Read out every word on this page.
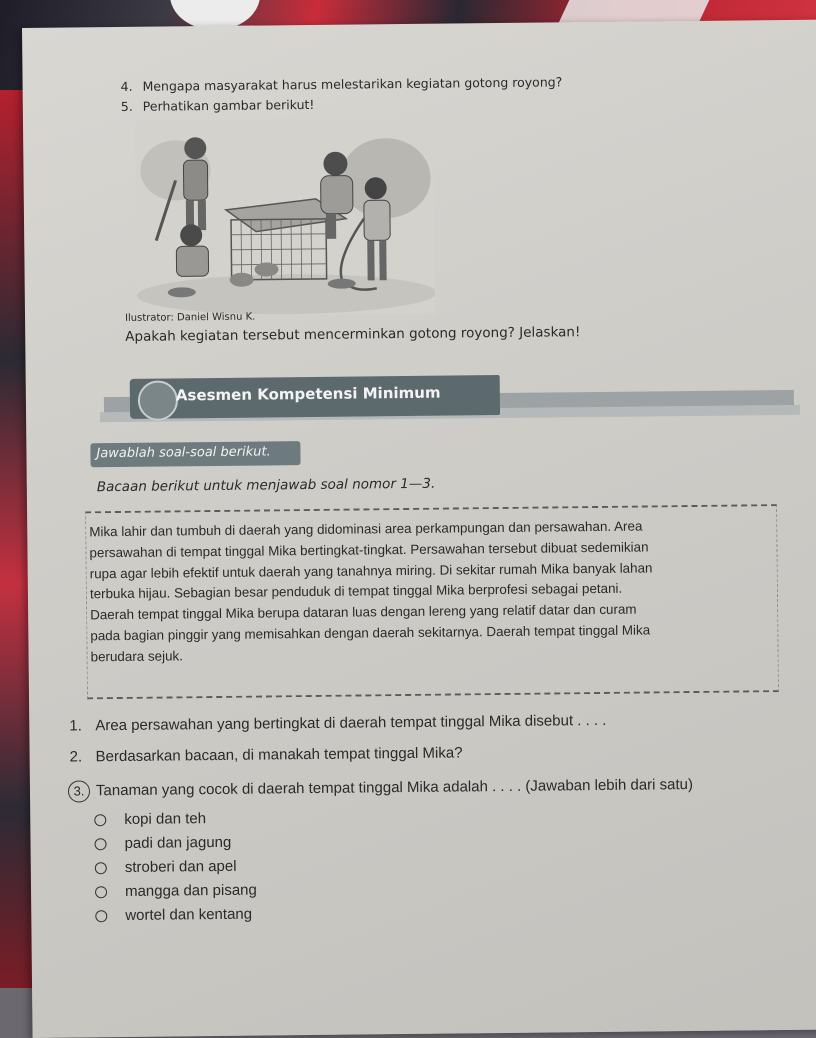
4. Mengapa masyarakat harus melestarikan kegiatan gotong royong?
5. Perhatikan gambar berikut!
Ilustrator: Daniel Wisnu K.
Apakah kegiatan tersebut mencerminkan gotong royong? Jelaskan!
Asesmen Kompetensi Minimum
Jawablah soal-soal berikut.
Bacaan berikut untuk menjawab soal nomor 1—3.
Mika lahir dan tumbuh di daerah yang didominasi area perkampungan dan persawahan. Area
persawahan di tempat tinggal Mika bertingkat-tingkat. Persawahan tersebut dibuat sedemikian
rupa agar lebih efektif untuk daerah yang tanahnya miring. Di sekitar rumah Mika banyak lahan
terbuka hijau. Sebagian besar penduduk di tempat tinggal Mika berprofesi sebagai petani.
Daerah tempat tinggal Mika berupa dataran luas dengan lereng yang relatif datar dan curam
pada bagian pinggir yang memisahkan dengan daerah sekitarnya. Daerah tempat tinggal Mika
berudara sejuk.
1. Area persawahan yang bertingkat di daerah tempat tinggal Mika disebut . . . .
2. Berdasarkan bacaan, di manakah tempat tinggal Mika?
3. Tanaman yang cocok di daerah tempat tinggal Mika adalah . . . . (Jawaban lebih dari satu)
kopi dan teh
padi dan jagung
stroberi dan apel
mangga dan pisang
wortel dan kentang
